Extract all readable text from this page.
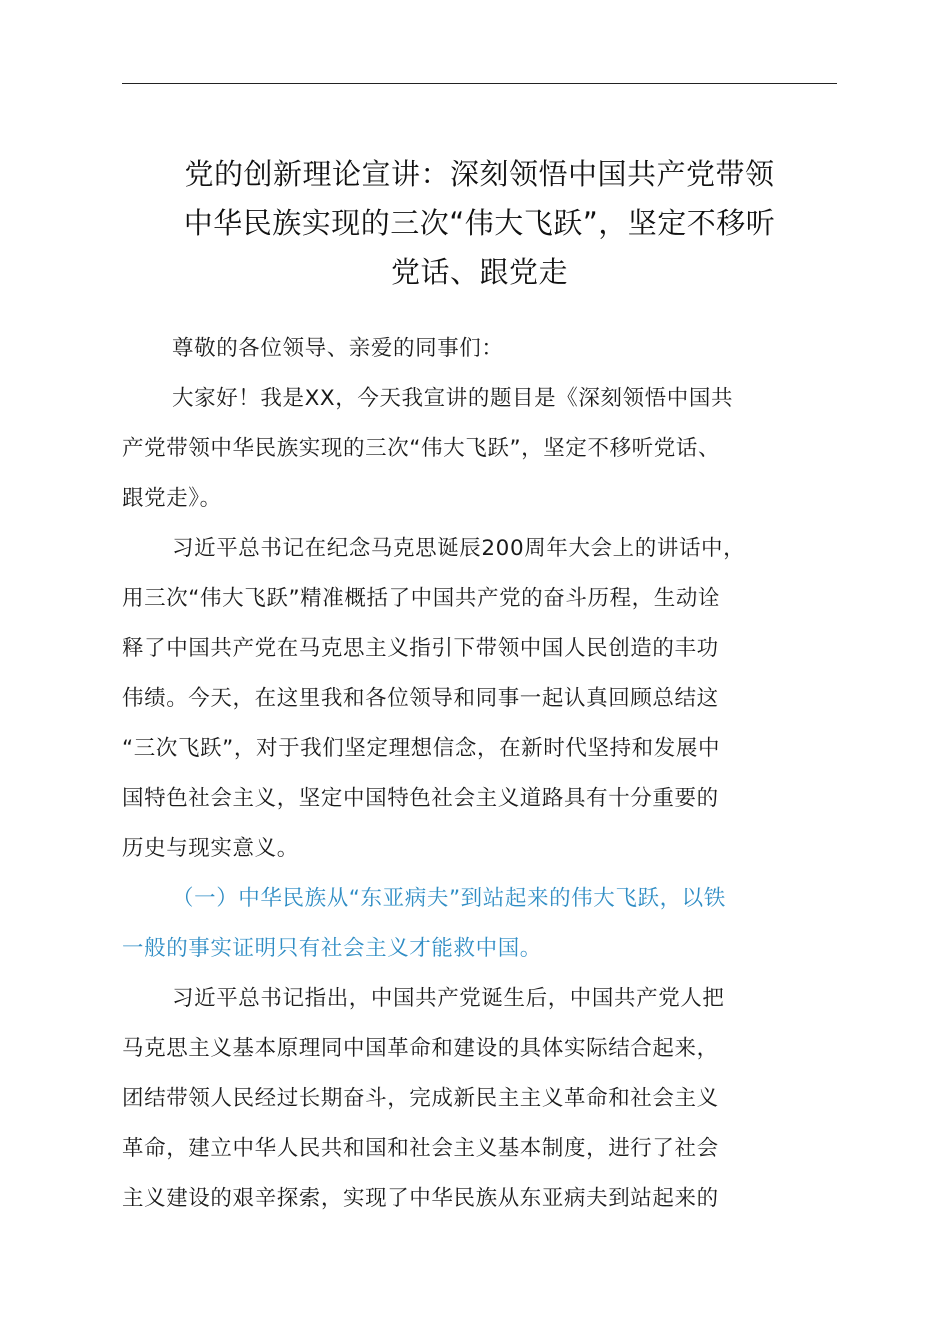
党的创新理论宣讲：深刻领悟中国共产党带领
中华民族实现的三次“伟大飞跃”，坚定不移听
党话、跟党走
尊敬的各位领导、亲爱的同事们：
大家好！我是XX，今天我宣讲的题目是《深刻领悟中国共
产党带领中华民族实现的三次“伟大飞跃”，坚定不移听党话、
跟党走》。
习近平总书记在纪念马克思诞辰200周年大会上的讲话中，
用三次“伟大飞跃”精准概括了中国共产党的奋斗历程，生动诠
释了中国共产党在马克思主义指引下带领中国人民创造的丰功
伟绩。今天，在这里我和各位领导和同事一起认真回顾总结这
“三次飞跃”，对于我们坚定理想信念，在新时代坚持和发展中
国特色社会主义，坚定中国特色社会主义道路具有十分重要的
历史与现实意义。
（一）中华民族从“东亚病夫”到站起来的伟大飞跃，以铁
一般的事实证明只有社会主义才能救中国。
习近平总书记指出，中国共产党诞生后，中国共产党人把
马克思主义基本原理同中国革命和建设的具体实际结合起来，
团结带领人民经过长期奋斗，完成新民主主义革命和社会主义
革命，建立中华人民共和国和社会主义基本制度，进行了社会
主义建设的艰辛探索，实现了中华民族从东亚病夫到站起来的
